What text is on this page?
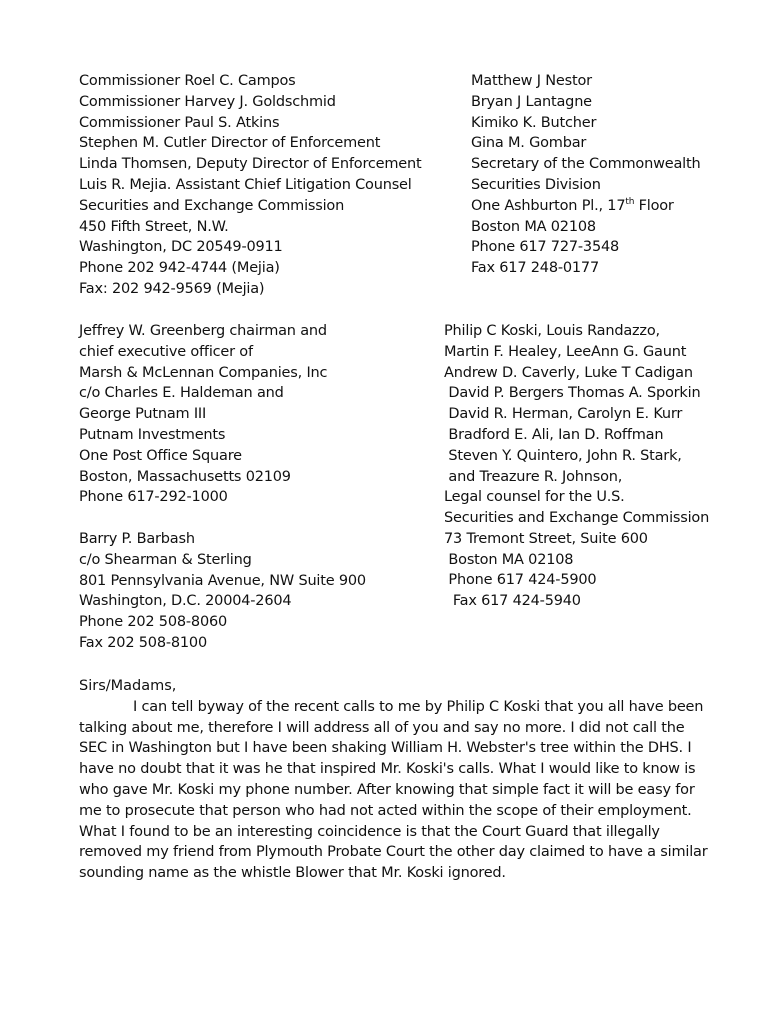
Commissioner Roel C. Campos
Commissioner Harvey J. Goldschmid
Commissioner Paul S. Atkins
Stephen M. Cutler Director of Enforcement
Linda Thomsen, Deputy Director of Enforcement
Luis R. Mejia. Assistant Chief Litigation Counsel
Securities and Exchange Commission
450 Fifth Street, N.W.
Washington, DC 20549-0911
Phone 202 942-4744 (Mejia)
Fax: 202 942-9569 (Mejia)
Matthew J Nestor
Bryan J Lantagne
Kimiko K. Butcher
Gina M. Gombar
Secretary of the Commonwealth
Securities Division
One Ashburton Pl., 17th Floor
Boston MA 02108
Phone 617 727-3548
Fax 617 248-0177
Jeffrey W. Greenberg chairman and
chief executive officer of
Marsh & McLennan Companies, Inc
c/o Charles E. Haldeman and
George Putnam III
Putnam Investments
One Post Office Square
Boston, Massachusetts 02109
Phone 617-292-1000
Philip C Koski, Louis Randazzo,
Martin F. Healey, LeeAnn G. Gaunt
Andrew D. Caverly, Luke T Cadigan
David P. Bergers Thomas A. Sporkin
David R. Herman, Carolyn E. Kurr
Bradford E. Ali, Ian D. Roffman
Steven Y. Quintero, John R. Stark,
and Treazure R. Johnson,
Legal counsel for the U.S.
Barry P. Barbash
c/o Shearman & Sterling
801 Pennsylvania Avenue, NW Suite 900
Washington, D.C. 20004-2604
Phone 202 508-8060
Fax 202 508-8100
Securities and Exchange Commission
73 Tremont Street, Suite 600
Boston MA 02108
Phone 617 424-5900
Fax 617 424-5940
Sirs/Madams,
I can tell byway of the recent calls to me by Philip C Koski that you all have been
talking about me, therefore I will address all of you and say no more. I did not call the
SEC in Washington but I have been shaking William H. Webster's tree within the DHS. I
have no doubt that it was he that inspired Mr. Koski's calls. What I would like to know is
who gave Mr. Koski my phone number. After knowing that simple fact it will be easy for
me to prosecute that person who had not acted within the scope of their employment.
What I found to be an interesting coincidence is that the Court Guard that illegally
removed my friend from Plymouth Probate Court the other day claimed to have a similar
sounding name as the whistle Blower that Mr. Koski ignored.
